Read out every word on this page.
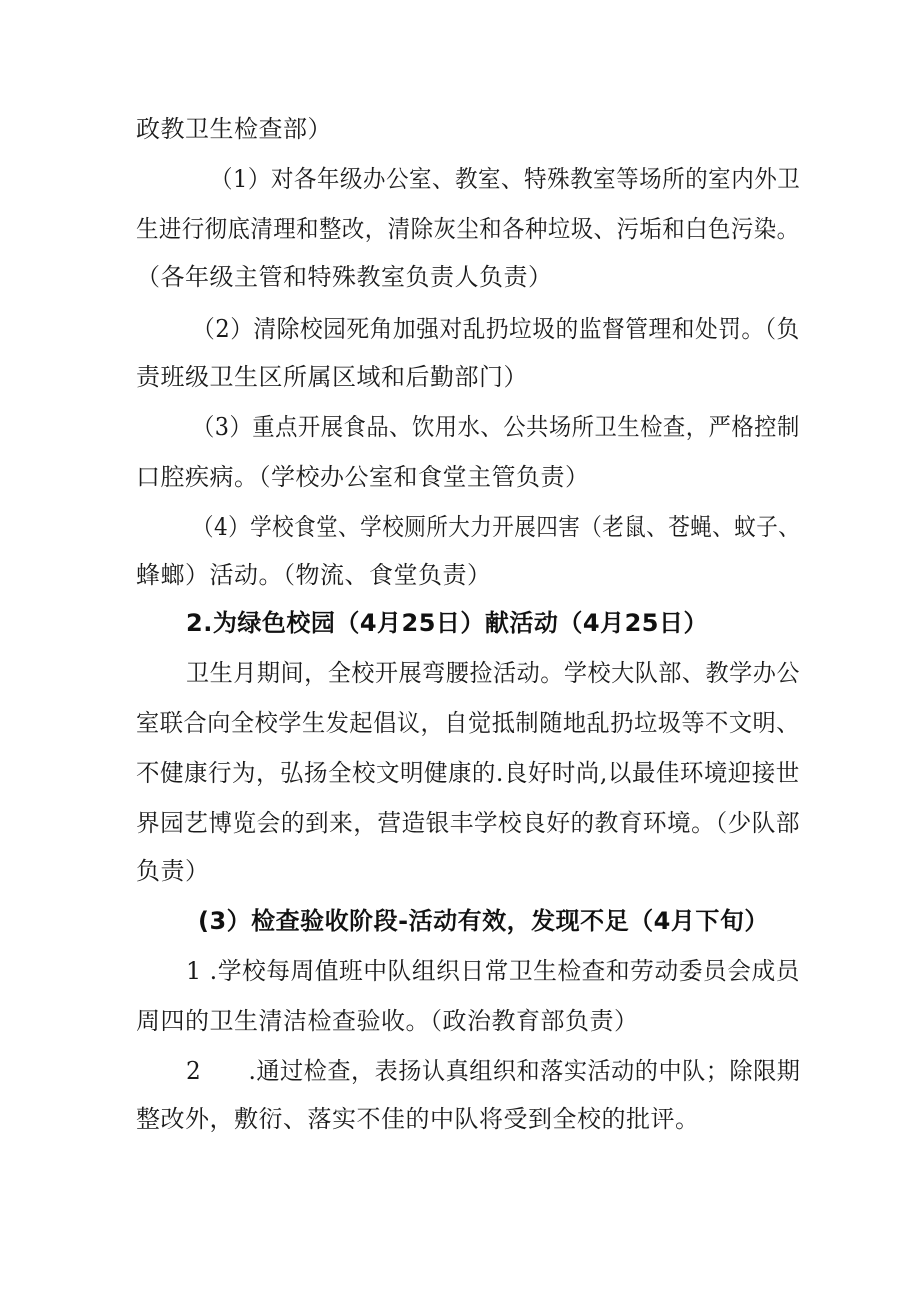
政教卫生检查部）
（1）对各年级办公室、教室、特殊教室等场所的室内外卫
生进行彻底清理和整改，清除灰尘和各种垃圾、污垢和白色污染。
（各年级主管和特殊教室负责人负责）
（2）清除校园死角加强对乱扔垃圾的监督管理和处罚。（负
责班级卫生区所属区域和后勤部门）
（3）重点开展食品、饮用水、公共场所卫生检查，严格控制
口腔疾病。（学校办公室和食堂主管负责）
（4）学校食堂、学校厕所大力开展四害（老鼠、苍蝇、蚊子、
蜂螂）活动。（物流、食堂负责）
2.为绿色校园（4月25日）献活动（4月25日）
卫生月期间，全校开展弯腰捡活动。学校大队部、教学办公
室联合向全校学生发起倡议，自觉抵制随地乱扔垃圾等不文明、
不健康行为，弘扬全校文明健康的.良好时尚,以最佳环境迎接世
界园艺博览会的到来，营造银丰学校良好的教育环境。（少队部
负责）
(3）检查验收阶段-活动有效，发现不足（4月下旬）
1 .学校每周值班中队组织日常卫生检查和劳动委员会成员
周四的卫生清洁检查验收。（政治教育部负责）
2　　.通过检查，表扬认真组织和落实活动的中队；除限期
整改外，敷衍、落实不佳的中队将受到全校的批评。
